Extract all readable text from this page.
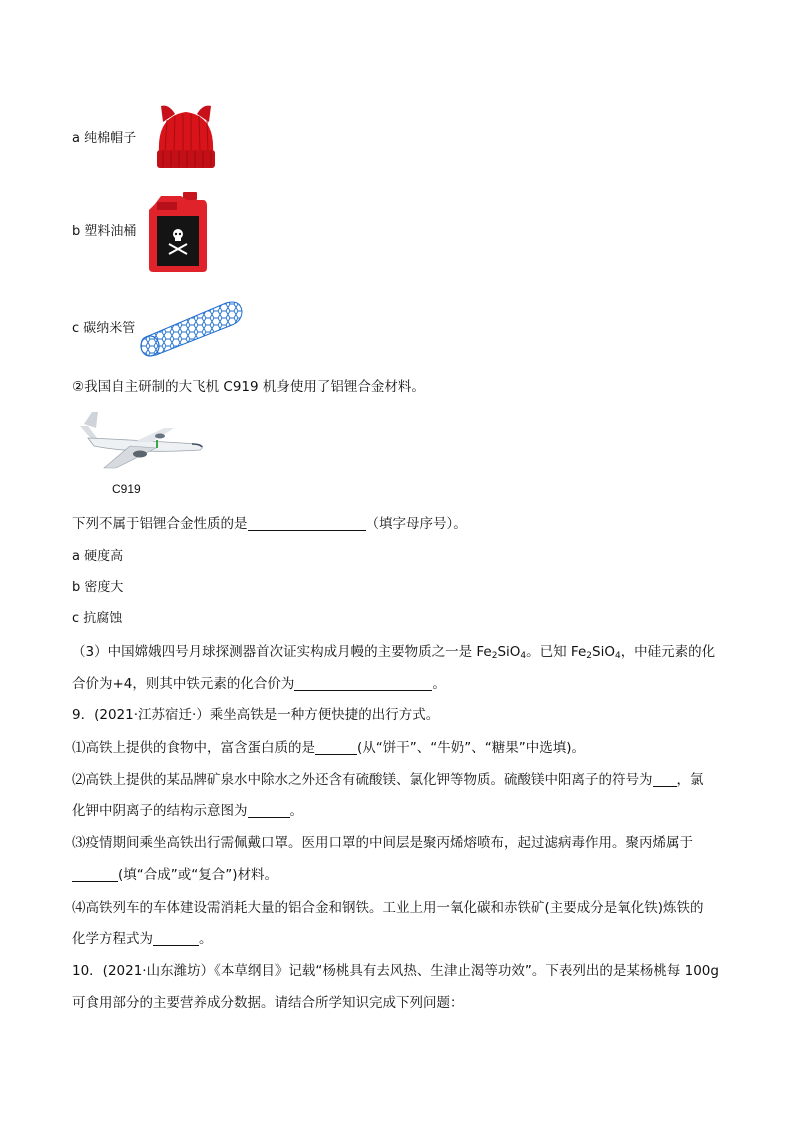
a 纯棉帽子
b 塑料油桶
c 碳纳米管
②我国自主研制的大飞机 C919 机身使用了铝锂合金材料。
C919
下列不属于铝锂合金性质的是	（填字母序号）。
a 硬度高
b 密度大
c 抗腐蚀
（3）中国嫦娥四号月球探测器首次证实构成月幔的主要物质之一是 $Fe_2SiO_4$。已知 $Fe_2SiO_4$，中硅元素的化
合价为+4，则其中铁元素的化合价为	。
9．(2021·江苏宿迁·）乘坐高铁是一种方便快捷的出行方式。
⑴高铁上提供的食物中，富含蛋白质的是	(从“饼干”、“牛奶”、“糖果”中选填)。
⑵高铁上提供的某品牌矿泉水中除水之外还含有硫酸镁、氯化钾等物质。硫酸镁中阳离子的符号为 ，氯
化钾中阴离子的结构示意图为	。
⑶疫情期间乘坐高铁出行需佩戴口罩。医用口罩的中间层是聚丙烯熔喷布，起过滤病毒作用。聚丙烯属于
(填“合成”或“复合”)材料。
⑷高铁列车的车体建设需消耗大量的铝合金和钢铁。工业上用一氧化碳和赤铁矿(主要成分是氧化铁)炼铁的
化学方程式为	。
10．(2021·山东潍坊）《本草纲目》记载“杨桃具有去风热、生津止渴等功效”。下表列出的是某杨桃每 100g
可食用部分的主要营养成分数据。请结合所学知识完成下列问题：
